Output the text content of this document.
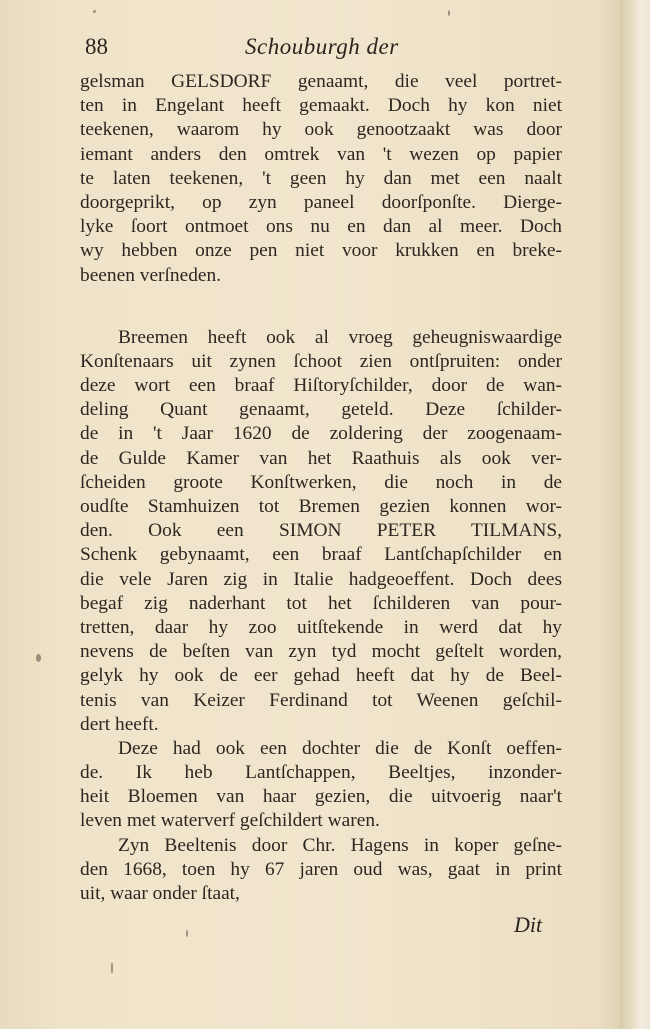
88	Schouburgh der
gelsman GELSDORF genaamt, die veel portret-
ten in Engelant heeft gemaakt. Doch hy kon niet
teekenen, waarom hy ook genootzaakt was door
iemant anders den omtrek van 't wezen op papier
te laten teekenen, 't geen hy dan met een naalt
doorgeprikt, op zyn paneel doorſponſte. Dierge-
lyke ſoort ontmoet ons nu en dan al meer. Doch
wy hebben onze pen niet voor krukken en breke-
beenen verſneden.
Breemen heeft ook al vroeg geheugniswaardige
Konſtenaars uit zynen ſchoot zien ontſpruiten: onder
deze wort een braaf Hiſtoryſchilder, door de wan-
deling Quant genaamt, geteld. Deze ſchilder-
de in 't Jaar 1620 de zoldering der zoogenaam-
de Gulde Kamer van het Raathuis als ook ver-
ſcheiden groote Konſtwerken, die noch in de
oudſte Stamhuizen tot Bremen gezien konnen wor-
den. Ook een SIMON PETER TILMANS,
Schenk gebynaamt, een braaf Lantſchapſchilder en
die vele Jaren zig in Italie hadgeoeffent. Doch dees
begaf zig naderhant tot het ſchilderen van pour-
tretten, daar hy zoo uitſtekende in werd dat hy
nevens de beſten van zyn tyd mocht geſtelt worden,
gelyk hy ook de eer gehad heeft dat hy de Beel-
tenis van Keizer Ferdinand tot Weenen geſchil-
dert heeft.
Deze had ook een dochter die de Konſt oeffen-
de. Ik heb Lantſchappen, Beeltjes, inzonder-
heit Bloemen van haar gezien, die uitvoerig naar't
leven met waterverf geſchildert waren.
Zyn Beeltenis door Chr. Hagens in koper geſne-
den 1668, toen hy 67 jaren oud was, gaat in print
uit, waar onder ſtaat,
Dit
